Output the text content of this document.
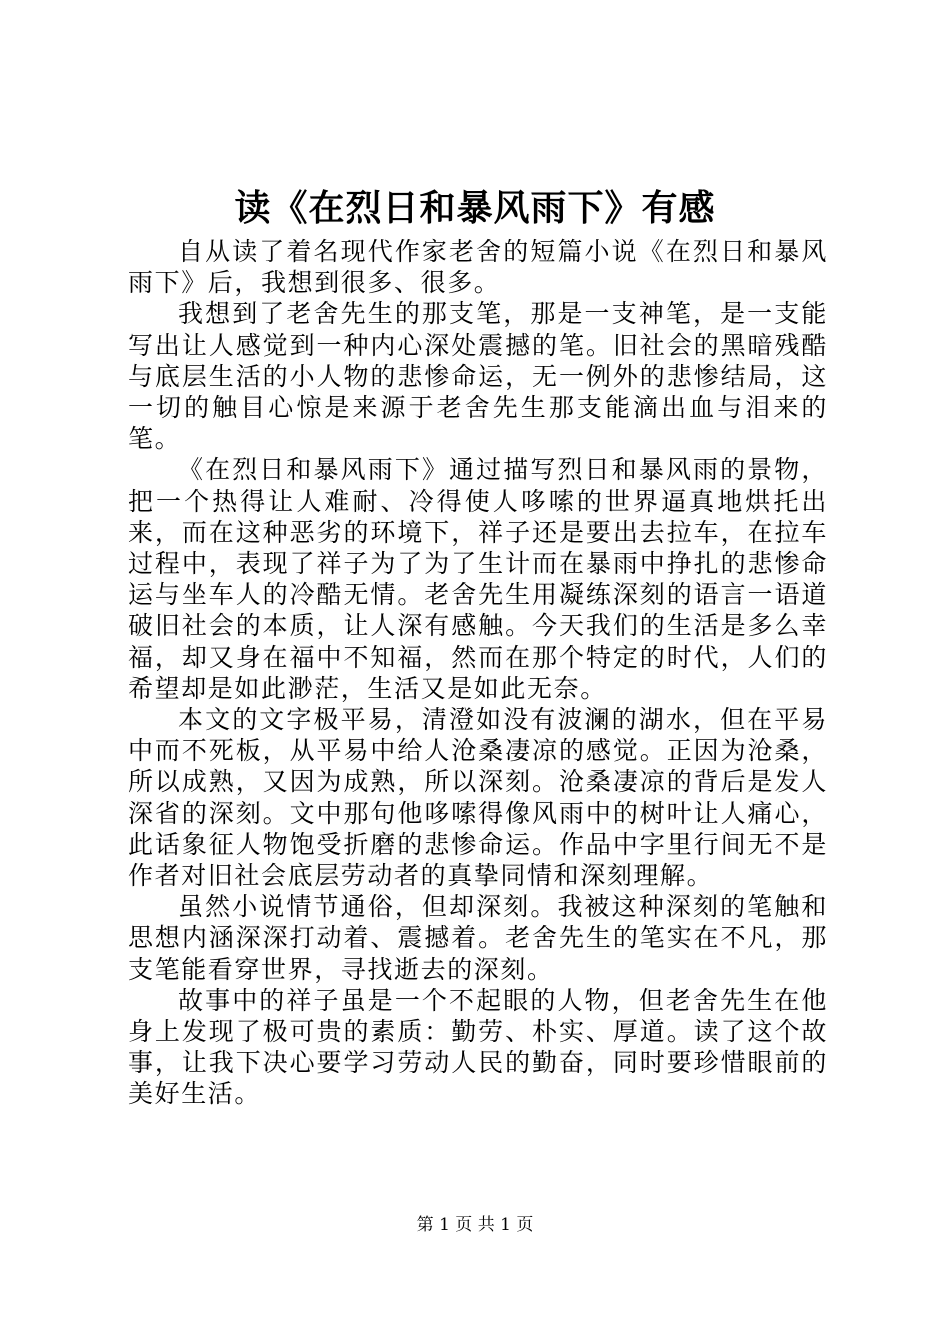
读《在烈日和暴风雨下》有感

自从读了着名现代作家老舍的短篇小说《在烈日和暴风雨下》后，我想到很多、很多。

我想到了老舍先生的那支笔，那是一支神笔，是一支能写出让人感觉到一种内心深处震撼的笔。旧社会的黑暗残酷与底层生活的小人物的悲惨命运，无一例外的悲惨结局，这一切的触目心惊是来源于老舍先生那支能滴出血与泪来的笔。

《在烈日和暴风雨下》通过描写烈日和暴风雨的景物，把一个热得让人难耐、冷得使人哆嗦的世界逼真地烘托出来，而在这种恶劣的环境下，祥子还是要出去拉车，在拉车过程中，表现了祥子为了为了生计而在暴雨中挣扎的悲惨命运与坐车人的冷酷无情。老舍先生用凝练深刻的语言一语道破旧社会的本质，让人深有感触。今天我们的生活是多么幸福，却又身在福中不知福，然而在那个特定的时代，人们的希望却是如此渺茫，生活又是如此无奈。

本文的文字极平易，清澄如没有波澜的湖水，但在平易中而不死板，从平易中给人沧桑凄凉的感觉。正因为沧桑，所以成熟，又因为成熟，所以深刻。沧桑凄凉的背后是发人深省的深刻。文中那句他哆嗦得像风雨中的树叶让人痛心，此话象征人物饱受折磨的悲惨命运。作品中字里行间无不是作者对旧社会底层劳动者的真挚同情和深刻理解。

虽然小说情节通俗，但却深刻。我被这种深刻的笔触和思想内涵深深打动着、震撼着。老舍先生的笔实在不凡，那支笔能看穿世界，寻找逝去的深刻。

故事中的祥子虽是一个不起眼的人物，但老舍先生在他身上发现了极可贵的素质：勤劳、朴实、厚道。读了这个故事，让我下决心要学习劳动人民的勤奋，同时要珍惜眼前的美好生活。

第 1 页 共 1 页
